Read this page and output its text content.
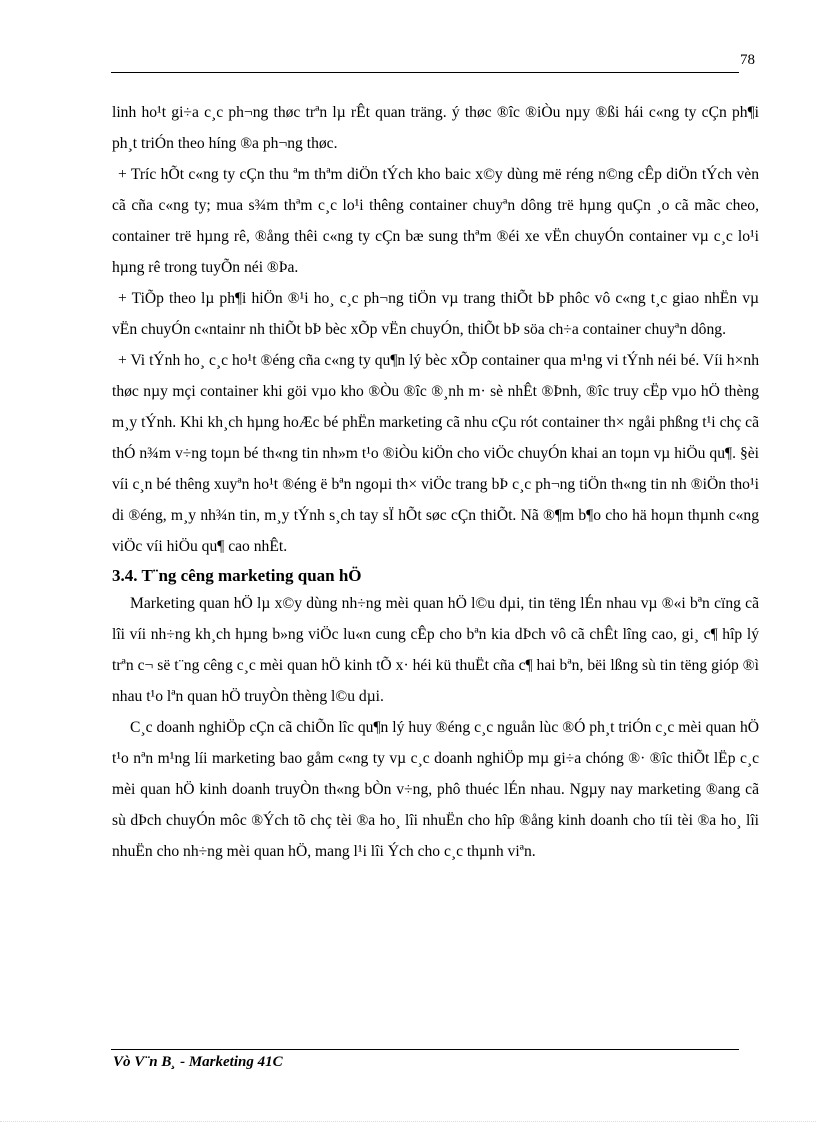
78

linh ho¹t gi÷a c¸c ph¬ng thøc trªn lµ rÊt quan träng. ý thøc ®îc ®iÒu nµy ®ßi hái c«ng ty cÇn ph¶i ph¸t triÓn theo híng ®a ph¬ng thøc.

+ Tríc hÕt c«ng ty cÇn thu ªm thªm diÖn tÝch kho baic x©y dùng më réng n©ng cÊp diÖn tÝch vèn cã cña c«ng ty; mua s¾m thªm c¸c lo¹i thêng container chuyªn dông trë hµng quÇn ¸o cã mãc cheo, container trë hµng rê, ®ång thêi c«ng ty cÇn bæ sung thªm ®éi xe vËn chuyÓn container vµ c¸c lo¹i hµng rê trong tuyÕn néi ®Þa.

+ TiÕp theo lµ ph¶i hiÖn ®¹i ho¸ c¸c ph¬ng tiÖn vµ trang thiÕt bÞ phôc vô c«ng t¸c giao nhËn vµ vËn chuyÓn c«ntainr nh thiÕt bÞ bèc xÕp vËn chuyÓn, thiÕt bÞ söa ch÷a container chuyªn dông.

+ Vi tÝnh ho¸ c¸c ho¹t ®éng cña c«ng ty qu¶n lý bèc xÕp container qua m¹ng vi tÝnh néi bé. Víi h×nh thøc nµy mçi container khi göi vµo kho ®Òu ®îc ®¸nh m· sè nhÊt ®Þnh, ®îc truy cËp vµo hÖ thèng m¸y tÝnh. Khi kh¸ch hµng hoÆc bé phËn marketing cã nhu cÇu rót container th× ngåi phßng t¹i chç cã thÓ n¾m v÷ng toµn bé th«ng tin nh»m t¹o ®iÒu kiÖn cho viÖc chuyÓn khai an toµn vµ hiÖu qu¶. §èi víi c¸n bé thêng xuyªn ho¹t ®éng ë bªn ngoµi th× viÖc trang bÞ c¸c ph¬ng tiÖn th«ng tin nh ®iÖn tho¹i di ®éng, m¸y nh¾n tin, m¸y tÝnh s¸ch tay sÏ hÕt søc cÇn thiÕt. Nã ®¶m b¶o cho hä hoµn thµnh c«ng viÖc víi hiÖu qu¶ cao nhÊt.

3.4. T¨ng cêng marketing quan hÖ

Marketing quan hÖ lµ x©y dùng nh÷ng mèi quan hÖ l©u dµi, tin tëng lÉn nhau vµ ®«i bªn cïng cã lîi víi nh÷ng kh¸ch hµng b»ng viÖc lu«n cung cÊp cho bªn kia dÞch vô cã chÊt lîng cao, gi¸ c¶ hîp lý trªn c¬ së t¨ng cêng c¸c mèi quan hÖ kinh tÕ x· héi kü thuËt cña c¶ hai bªn, bëi lßng sù tin tëng gióp ®ì nhau t¹o lªn quan hÖ truyÒn thèng l©u dµi.

C¸c doanh nghiÖp cÇn cã chiÕn lîc qu¶n lý huy ®éng c¸c nguån lùc ®Ó ph¸t triÓn c¸c mèi quan hÖ t¹o nªn m¹ng líi marketing bao gåm c«ng ty vµ c¸c doanh nghiÖp mµ gi÷a chóng ®· ®îc thiÕt lËp c¸c mèi quan hÖ kinh doanh truyÒn th«ng bÒn v÷ng, phô thuéc lÉn nhau. Ngµy nay marketing ®ang cã sù dÞch chuyÓn môc ®Ých tõ chç tèi ®a ho¸ lîi nhuËn cho hîp ®ång kinh doanh cho tíi tèi ®a ho¸ lîi nhuËn cho nh÷ng mèi quan hÖ, mang l¹i lîi Ých cho c¸c thµnh viªn.

Vò V¨n B¸ - Marketing 41C
